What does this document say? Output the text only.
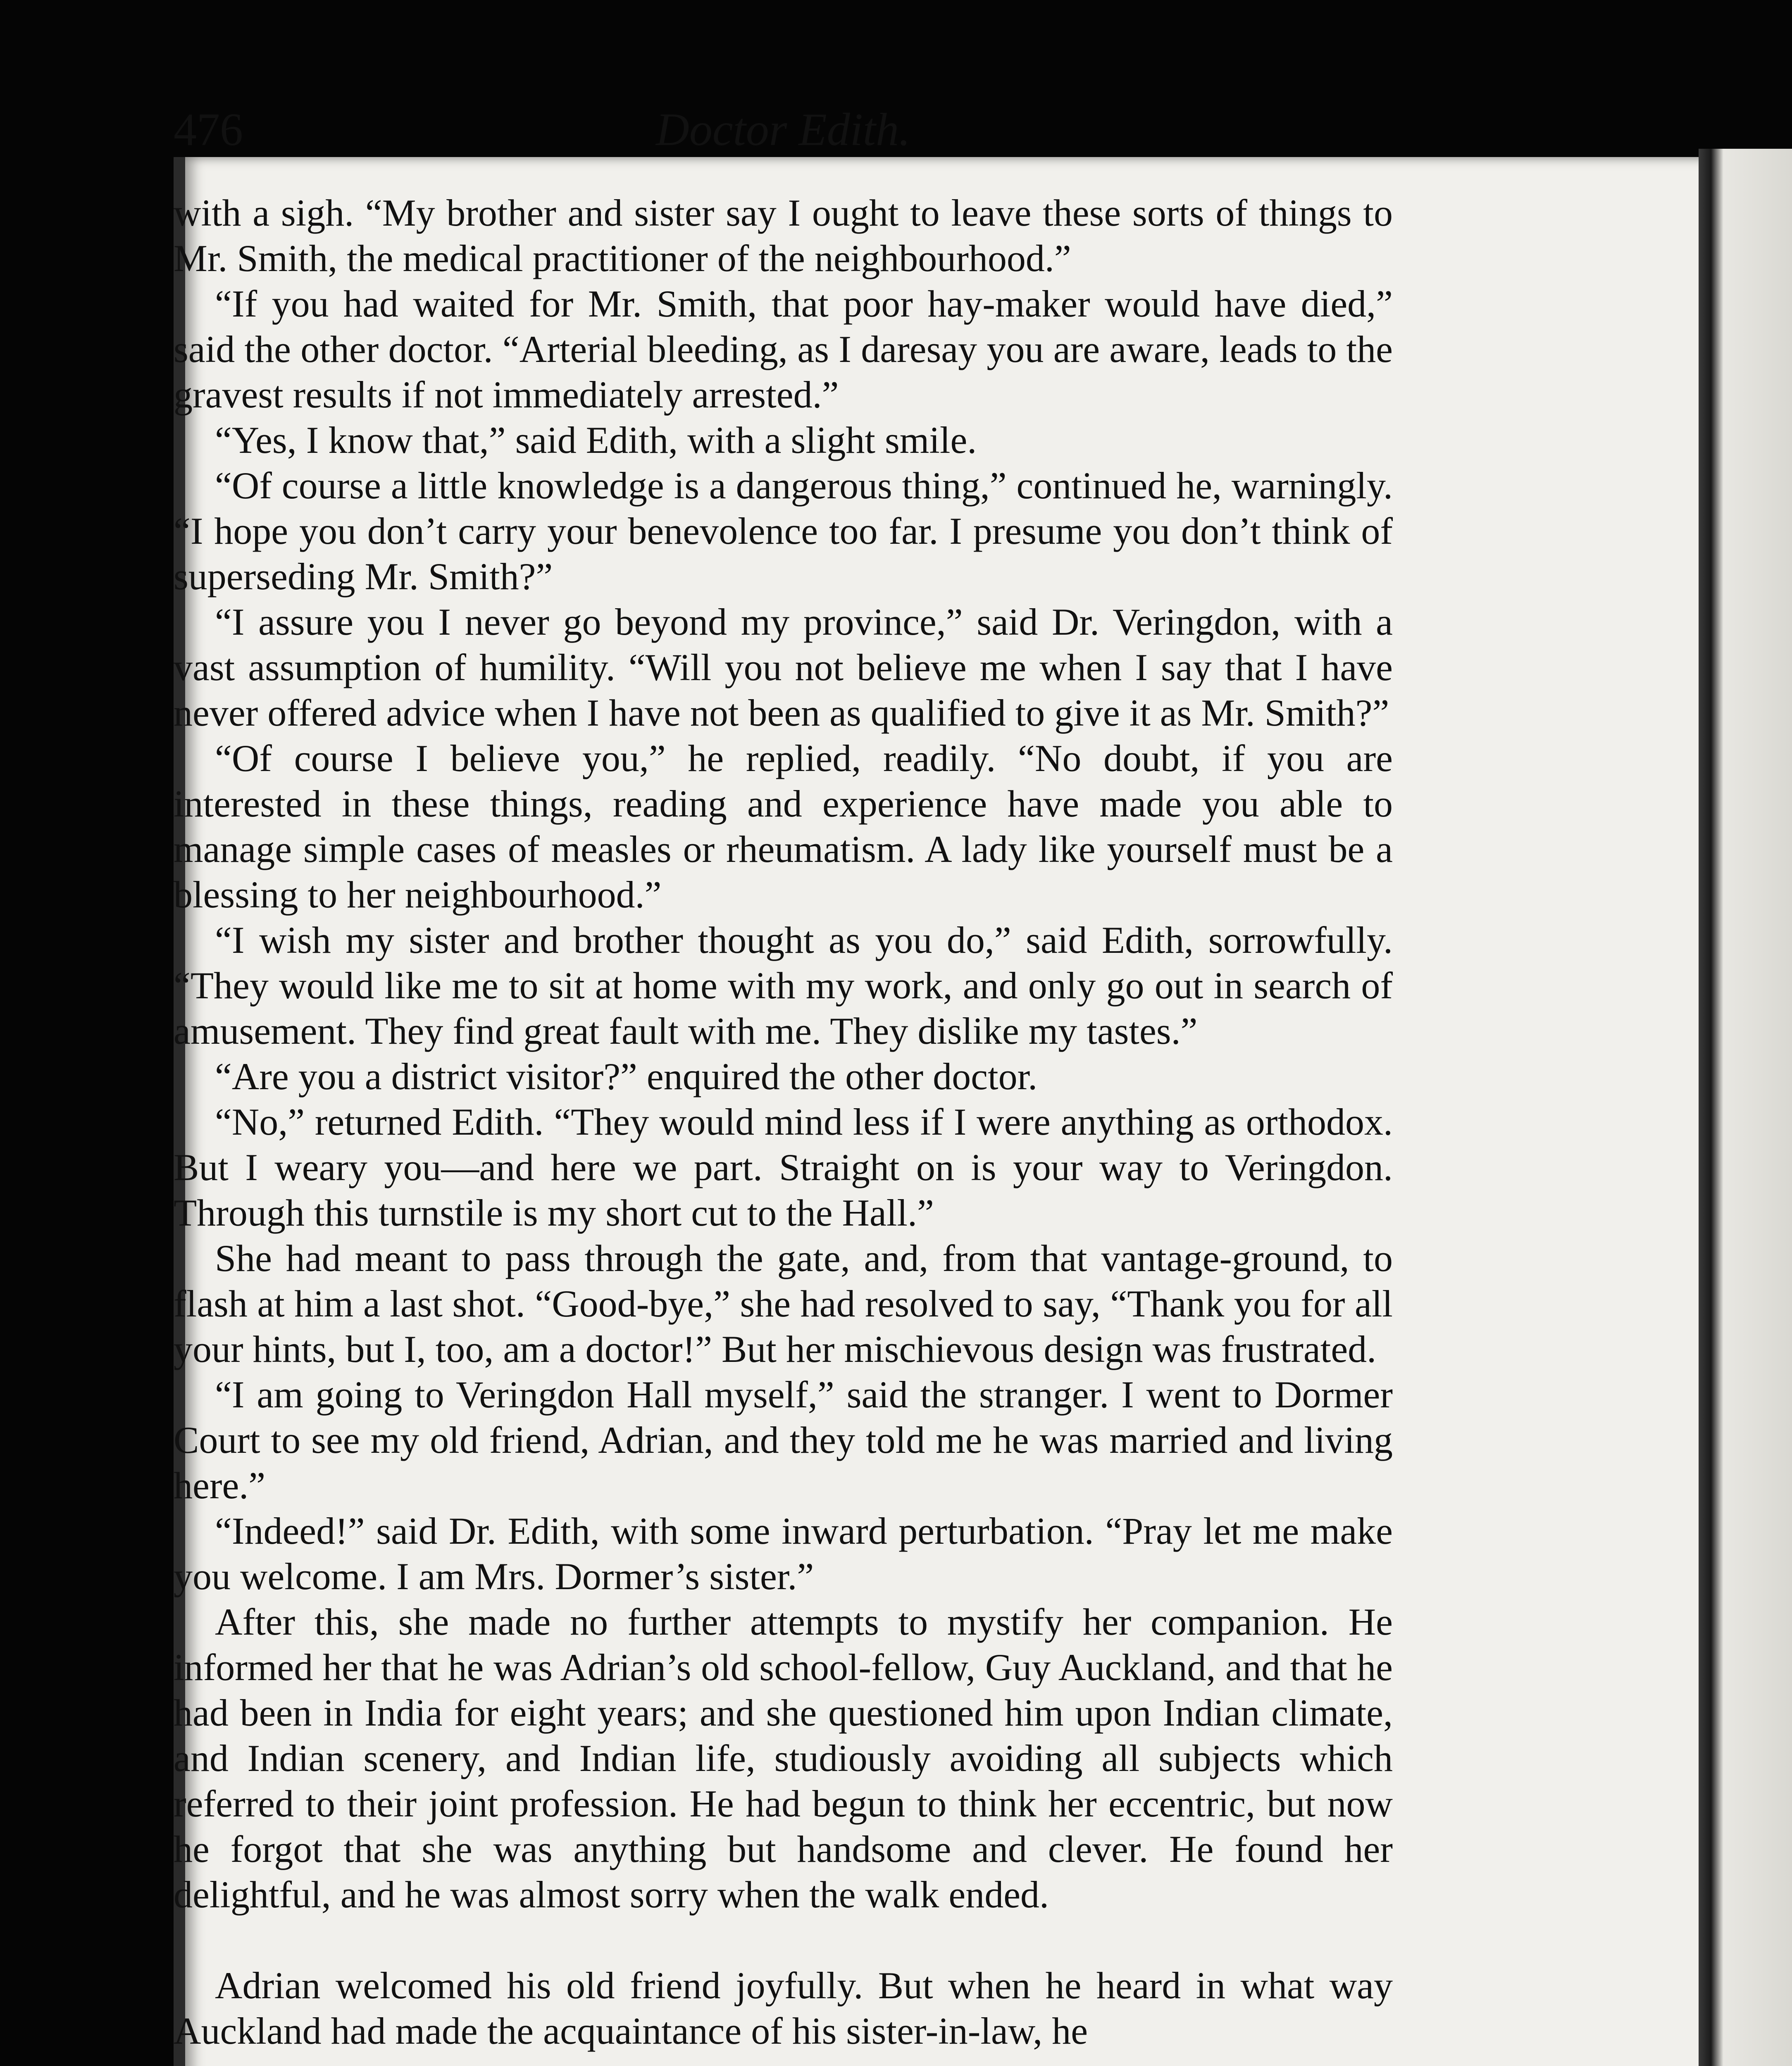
476	Doctor Edith.

with a sigh. “My brother and sister say I ought to leave these sorts of things to Mr. Smith, the medical practitioner of the neighbourhood.”

“If you had waited for Mr. Smith, that poor hay-maker would have died,” said the other doctor. “Arterial bleeding, as I daresay you are aware, leads to the gravest results if not immediately arrested.”

“Yes, I know that,” said Edith, with a slight smile.

“Of course a little knowledge is a dangerous thing,” continued he, warningly. “I hope you don’t carry your benevolence too far. I presume you don’t think of superseding Mr. Smith?”

“I assure you I never go beyond my province,” said Dr. Veringdon, with a vast assumption of humility. “Will you not believe me when I say that I have never offered advice when I have not been as qualified to give it as Mr. Smith?”

“Of course I believe you,” he replied, readily. “No doubt, if you are interested in these things, reading and experience have made you able to manage simple cases of measles or rheumatism. A lady like yourself must be a blessing to her neighbourhood.”

“I wish my sister and brother thought as you do,” said Edith, sorrowfully. “They would like me to sit at home with my work, and only go out in search of amusement. They find great fault with me. They dislike my tastes.”

“Are you a district visitor?” enquired the other doctor.

“No,” returned Edith. “They would mind less if I were anything as orthodox. But I weary you—and here we part. Straight on is your way to Veringdon. Through this turnstile is my short cut to the Hall.”

She had meant to pass through the gate, and, from that vantage-ground, to flash at him a last shot. “Good-bye,” she had resolved to say, “Thank you for all your hints, but I, too, am a doctor!” But her mischievous design was frustrated.

“I am going to Veringdon Hall myself,” said the stranger. I went to Dormer Court to see my old friend, Adrian, and they told me he was married and living here.”

“Indeed!” said Dr. Edith, with some inward perturbation. “Pray let me make you welcome. I am Mrs. Dormer’s sister.”

After this, she made no further attempts to mystify her companion. He informed her that he was Adrian’s old school-fellow, Guy Auckland, and that he had been in India for eight years; and she questioned him upon Indian climate, and Indian scenery, and Indian life, studiously avoiding all subjects which referred to their joint profession. He had begun to think her eccentric, but now he forgot that she was anything but handsome and clever. He found her delightful, and he was almost sorry when the walk ended.

Adrian welcomed his old friend joyfully. But when he heard in what way Auckland had made the acquaintance of his sister-in-law, he
